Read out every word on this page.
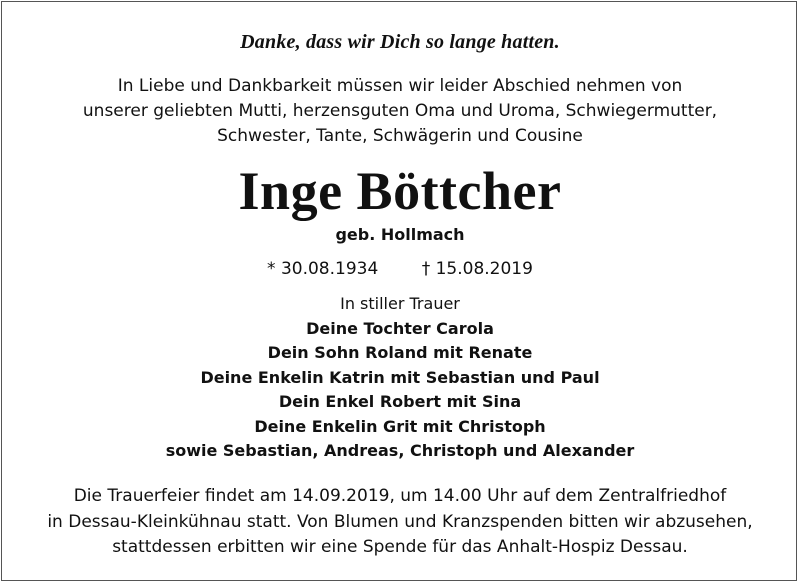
Danke, dass wir Dich so lange hatten.
In Liebe und Dankbarkeit müssen wir leider Abschied nehmen von
unserer geliebten Mutti, herzensguten Oma und Uroma, Schwiegermutter,
Schwester, Tante, Schwägerin und Cousine
Inge Böttcher
geb. Hollmach
* 30.08.1934	† 15.08.2019
In stiller Trauer
Deine Tochter Carola
Dein Sohn Roland mit Renate
Deine Enkelin Katrin mit Sebastian und Paul
Dein Enkel Robert mit Sina
Deine Enkelin Grit mit Christoph
sowie Sebastian, Andreas, Christoph und Alexander
Die Trauerfeier findet am 14.09.2019, um 14.00 Uhr auf dem Zentralfriedhof
in Dessau-Kleinkühnau statt. Von Blumen und Kranzspenden bitten wir abzusehen,
stattdessen erbitten wir eine Spende für das Anhalt-Hospiz Dessau.
